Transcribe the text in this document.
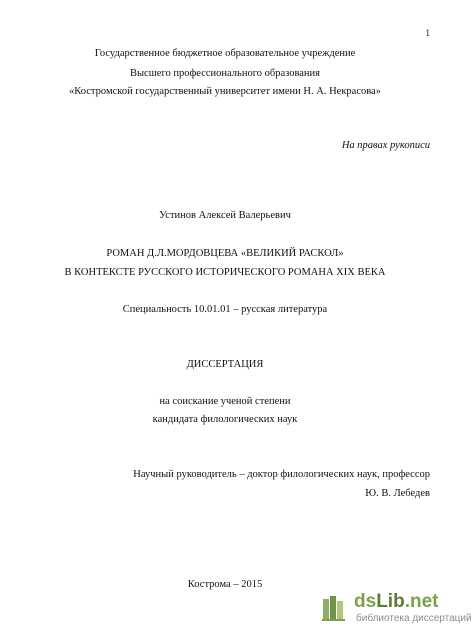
1
Государственное бюджетное образовательное учреждение
Высшего профессионального образования
«Костромской государственный университет имени Н. А. Некрасова»
На правах рукописи
Устинов Алексей Валерьевич
РОМАН Д.Л.МОРДОВЦЕВА «ВЕЛИКИЙ РАСКОЛ»
В КОНТЕКСТЕ РУССКОГО ИСТОРИЧЕСКОГО РОМАНА XIX ВЕКА
Специальность 10.01.01 – русская литература
ДИССЕРТАЦИЯ
на соискание ученой степени
кандидата филологических наук
Научный руководитель – доктор филологических наук, профессор
Ю. В. Лебедев
Кострома – 2015
dsLib.net
библиотека диссертаций
